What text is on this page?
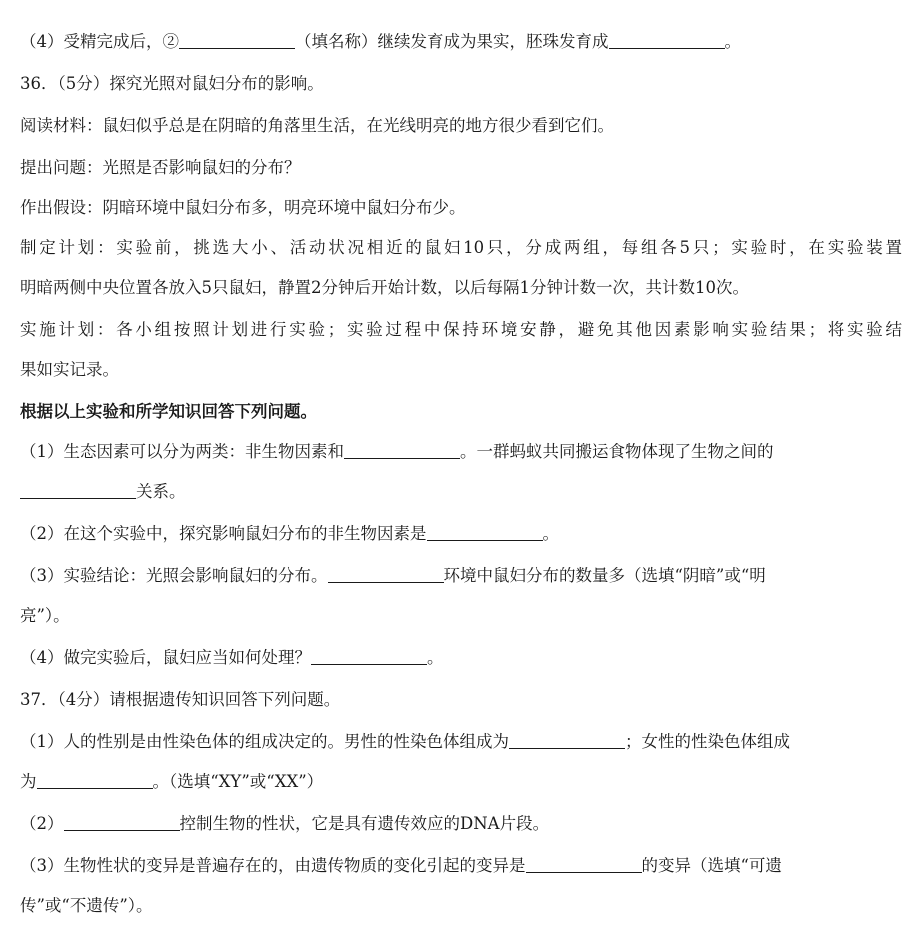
（4）受精完成后，②	（填名称）继续发育成为果实，胚珠发育成	。
36．（5分）探究光照对鼠妇分布的影响。
阅读材料：鼠妇似乎总是在阴暗的角落里生活，在光线明亮的地方很少看到它们。
提出问题：光照是否影响鼠妇的分布？
作出假设：阴暗环境中鼠妇分布多，明亮环境中鼠妇分布少。
制定计划：实验前，挑选大小、活动状况相近的鼠妇10只，分成两组，每组各5只；实验时，在实验装置
明暗两侧中央位置各放入5只鼠妇，静置2分钟后开始计数，以后每隔1分钟计数一次，共计数10次。
实施计划：各小组按照计划进行实验；实验过程中保持环境安静，避免其他因素影响实验结果；将实验结
果如实记录。
根据以上实验和所学知识回答下列问题。
（1）生态因素可以分为两类：非生物因素和	。一群蚂蚁共同搬运食物体现了生物之间的
关系。
（2）在这个实验中，探究影响鼠妇分布的非生物因素是	。
（3）实验结论：光照会影响鼠妇的分布。	环境中鼠妇分布的数量多（选填“阴暗”或“明
亮”）。
（4）做完实验后，鼠妇应当如何处理？	。
37．（4分）请根据遗传知识回答下列问题。
（1）人的性别是由性染色体的组成决定的。男性的性染色体组成为	；女性的性染色体组成
为	。（选填“XY”或“XX”）
（2）	控制生物的性状，它是具有遗传效应的DNA片段。
（3）生物性状的变异是普遍存在的，由遗传物质的变化引起的变异是	的变异（选填“可遗
传”或“不遗传”）。
